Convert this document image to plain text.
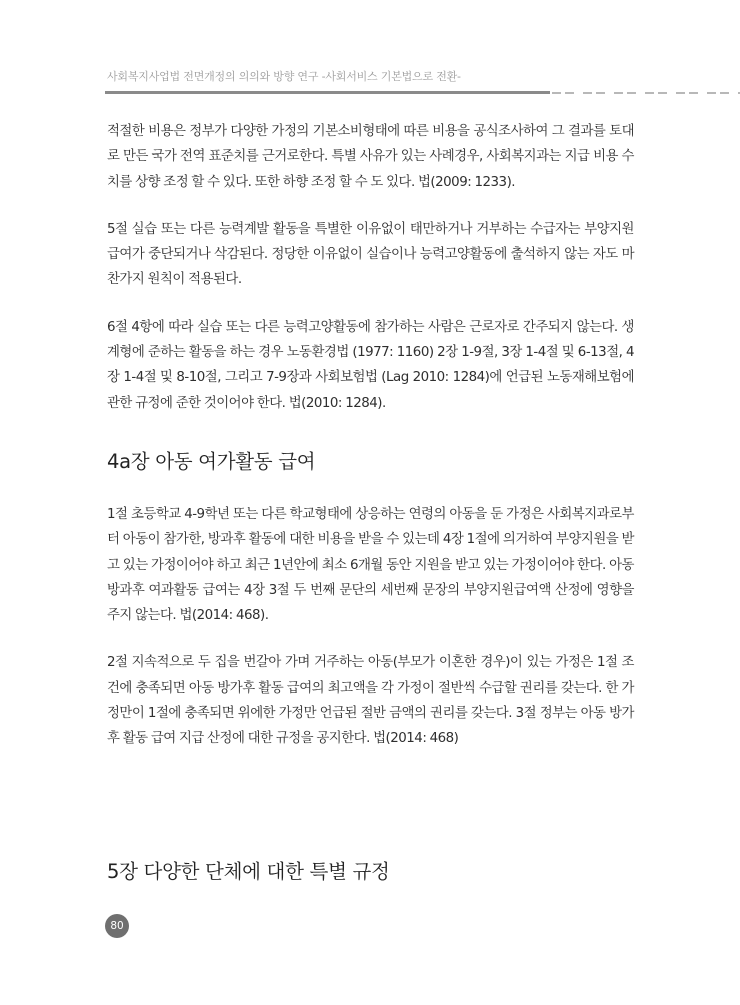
사회복지사업법 전면개정의 의의와 방향 연구 -사회서비스 기본법으로 전환-

적절한 비용은 정부가 다양한 가정의 기본소비형태에 따른 비용을 공식조사하여 그 결과를 토대로 만든 국가 전역 표준치를 근거로한다. 특별 사유가 있는 사례경우, 사회복지과는 지급 비용 수치를 상향 조정 할 수 있다. 또한 하향 조정 할 수 도 있다. 법(2009: 1233).

5절 실습 또는 다른 능력계발 활동을 특별한 이유없이 태만하거나 거부하는 수급자는 부양지원급여가 중단되거나 삭감된다. 정당한 이유없이 실습이나 능력고양활동에 출석하지 않는 자도 마찬가지 원칙이 적용된다.

6절 4항에 따라 실습 또는 다른 능력고양활동에 참가하는 사람은 근로자로 간주되지 않는다. 생계형에 준하는 활동을 하는 경우 노동환경법 (1977: 1160) 2장 1-9절, 3장 1-4절 및 6-13절, 4장 1-4절 및 8-10절, 그리고 7-9장과 사회보험법 (Lag 2010: 1284)에 언급된 노동재해보험에 관한 규정에 준한 것이어야 한다. 법(2010: 1284).

4a장 아동 여가활동 급여

1절 초등학교 4-9학년 또는 다른 학교형태에 상응하는 연령의 아동을 둔 가정은 사회복지과로부터 아동이 참가한, 방과후 활동에 대한 비용을 받을 수 있는데 4장 1절에 의거하여 부양지원을 받고 있는 가정이어야 하고 최근 1년안에 최소 6개월 동안 지원을 받고 있는 가정이어야 한다. 아동 방과후 여과활동 급여는 4장 3절 두 번째 문단의 세번째 문장의 부양지원급여액 산정에 영향을 주지 않는다. 법(2014: 468).

2절 지속적으로 두 집을 번갈아 가며 거주하는 아동(부모가 이혼한 경우)이 있는 가정은 1절 조건에 충족되면 아동 방가후 활동 급여의 최고액을 각 가정이 절반씩 수급할 권리를 갖는다. 한 가정만이 1절에 충족되면 위에한 가정만 언급된 절반 금액의 권리를 갖는다. 3절 정부는 아동 방가후 활동 급여 지급 산정에 대한 규정을 공지한다. 법(2014: 468)

5장 다양한 단체에 대한 특별 규정
80
